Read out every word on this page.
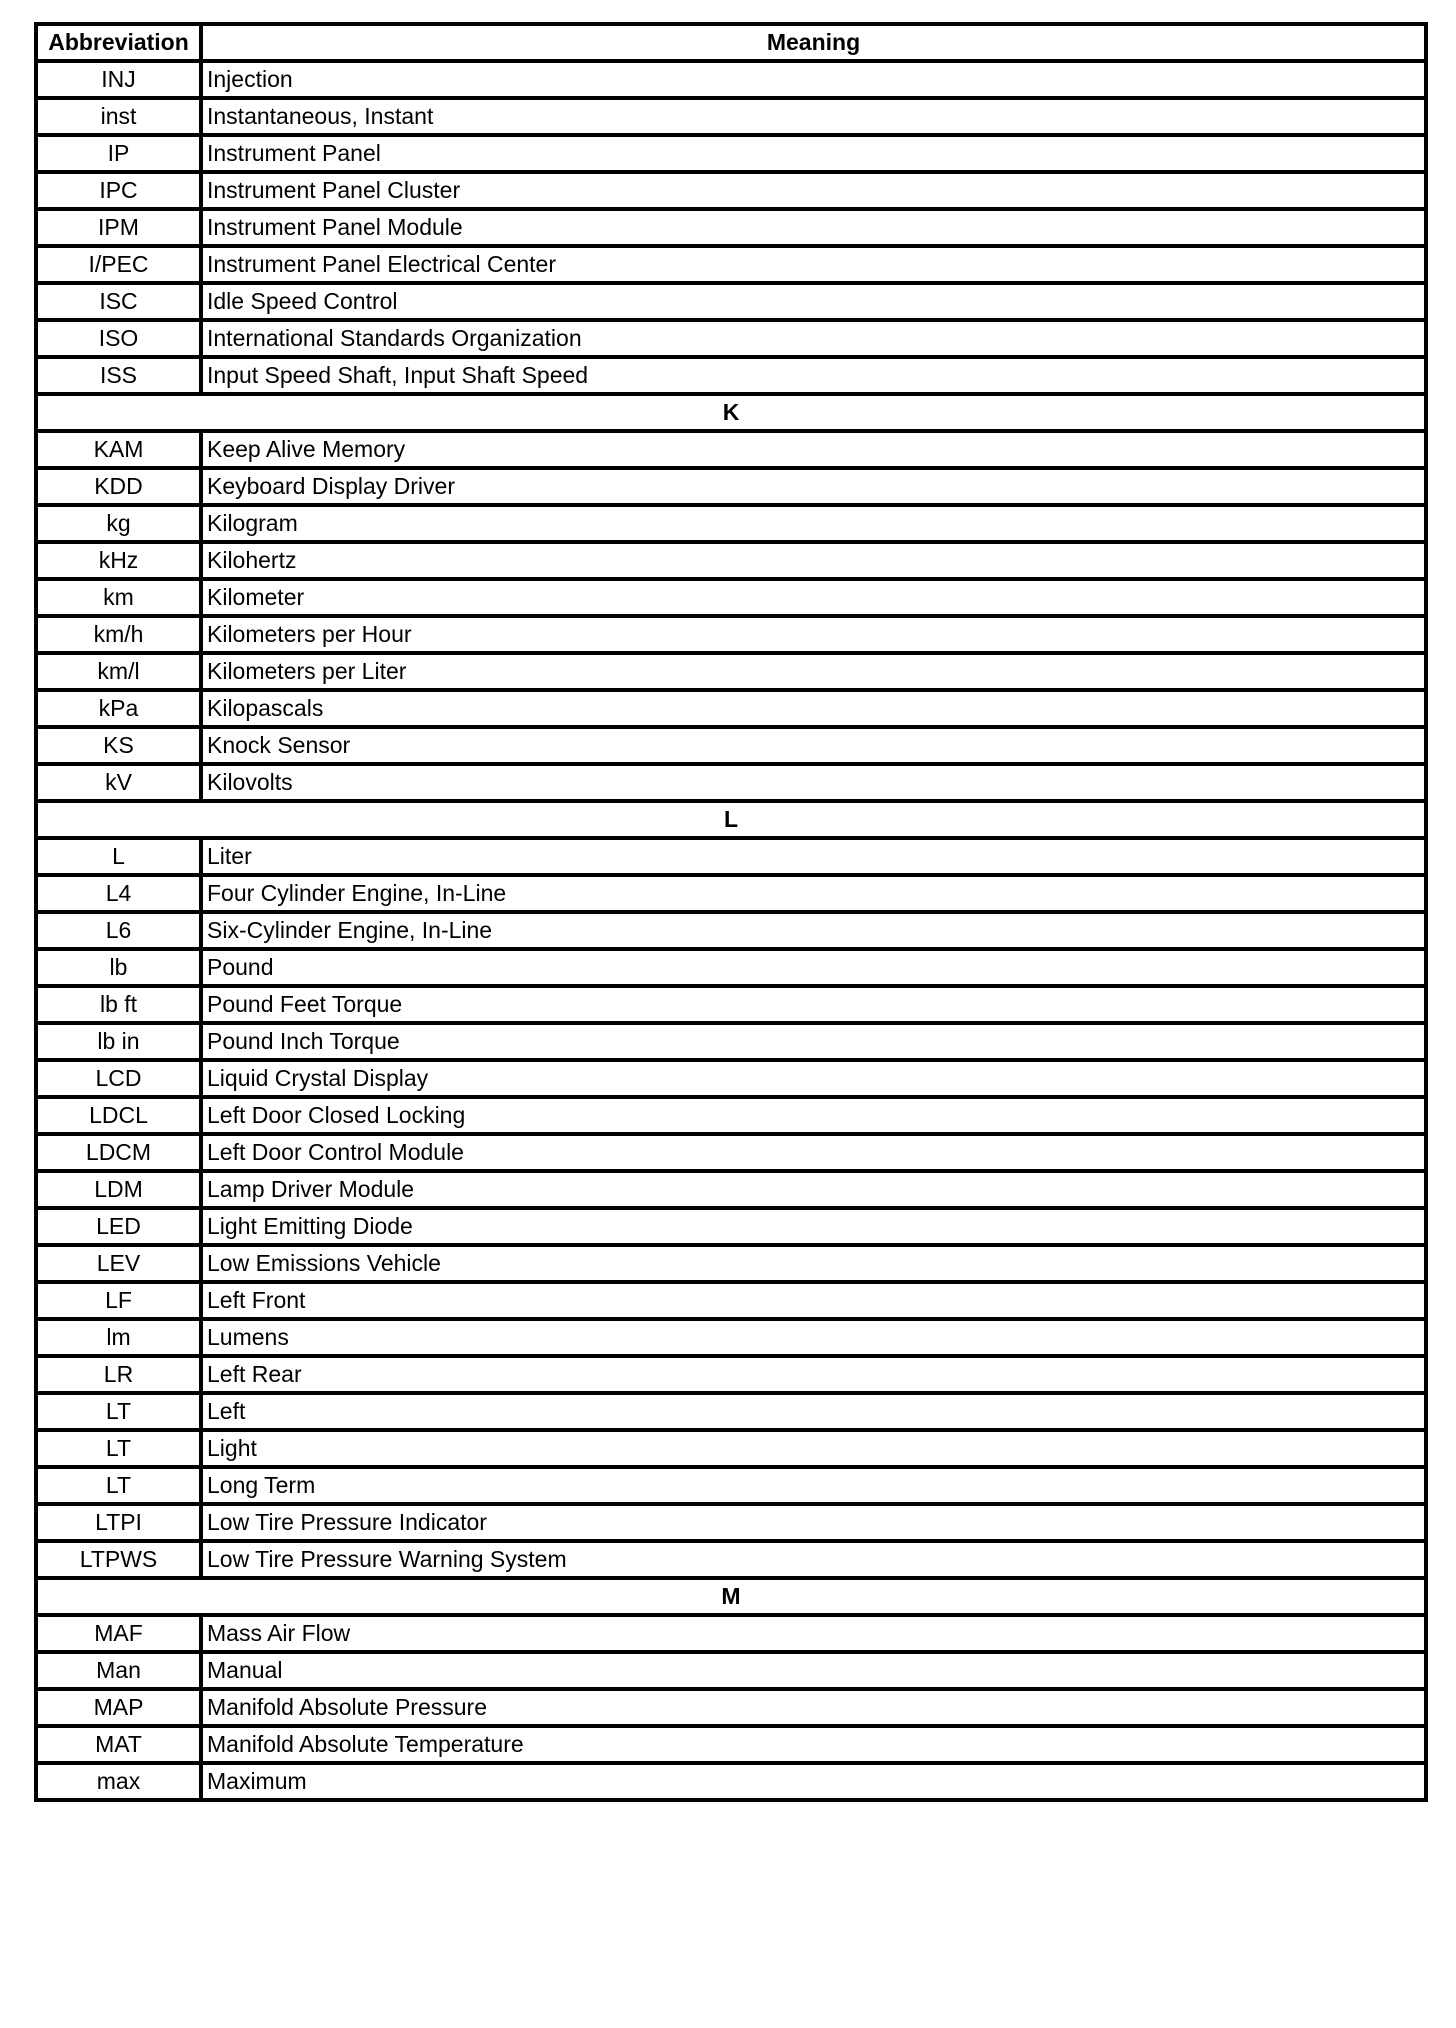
Abbreviation	Meaning
INJ	Injection
inst	Instantaneous, Instant
IP	Instrument Panel
IPC	Instrument Panel Cluster
IPM	Instrument Panel Module
I/PEC	Instrument Panel Electrical Center
ISC	Idle Speed Control
ISO	International Standards Organization
ISS	Input Speed Shaft, Input Shaft Speed
K	
KAM	Keep Alive Memory
KDD	Keyboard Display Driver
kg	Kilogram
kHz	Kilohertz
km	Kilometer
km/h	Kilometers per Hour
km/l	Kilometers per Liter
kPa	Kilopascals
KS	Knock Sensor
kV	Kilovolts
L	
L	Liter
L4	Four Cylinder Engine, In-Line
L6	Six-Cylinder Engine, In-Line
lb	Pound
lb ft	Pound Feet Torque
lb in	Pound Inch Torque
LCD	Liquid Crystal Display
LDCL	Left Door Closed Locking
LDCM	Left Door Control Module
LDM	Lamp Driver Module
LED	Light Emitting Diode
LEV	Low Emissions Vehicle
LF	Left Front
lm	Lumens
LR	Left Rear
LT	Left
LT	Light
LT	Long Term
LTPI	Low Tire Pressure Indicator
LTPWS	Low Tire Pressure Warning System
M	
MAF	Mass Air Flow
Man	Manual
MAP	Manifold Absolute Pressure
MAT	Manifold Absolute Temperature
max	Maximum
